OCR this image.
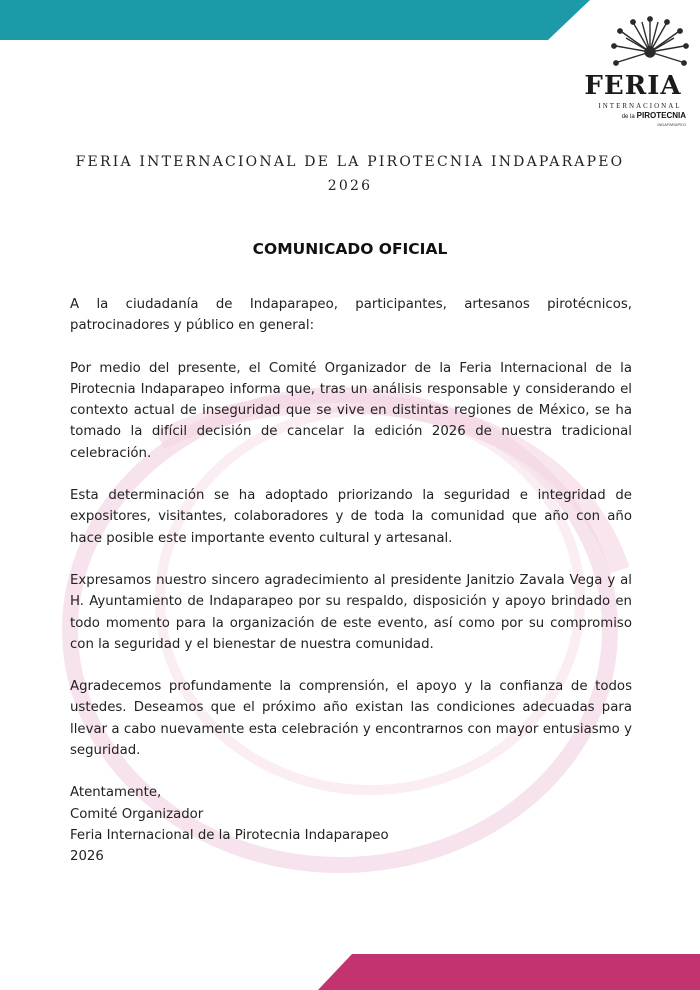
FERIA
INTERNACIONAL
de la PIROTECNIA
INDAPARAPEO
FERIA INTERNACIONAL DE LA PIROTECNIA INDAPARAPEO
2026
COMUNICADO OFICIAL

A la ciudadanía de Indaparapeo, participantes, artesanos pirotécnicos, patrocinadores y público en general:

Por medio del presente, el Comité Organizador de la Feria Internacional de la Pirotecnia Indaparapeo informa que, tras un análisis responsable y considerando el contexto actual de inseguridad que se vive en distintas regiones de México, se ha tomado la difícil decisión de cancelar la edición 2026 de nuestra tradicional celebración.

Esta determinación se ha adoptado priorizando la seguridad e integridad de expositores, visitantes, colaboradores y de toda la comunidad que año con año hace posible este importante evento cultural y artesanal.

Expresamos nuestro sincero agradecimiento al presidente Janitzio Zavala Vega y al H. Ayuntamiento de Indaparapeo por su respaldo, disposición y apoyo brindado en todo momento para la organización de este evento, así como por su compromiso con la seguridad y el bienestar de nuestra comunidad.

Agradecemos profundamente la comprensión, el apoyo y la confianza de todos ustedes. Deseamos que el próximo año existan las condiciones adecuadas para llevar a cabo nuevamente esta celebración y encontrarnos con mayor entusiasmo y seguridad.

Atentamente,
Comité Organizador
Feria Internacional de la Pirotecnia Indaparapeo
2026
